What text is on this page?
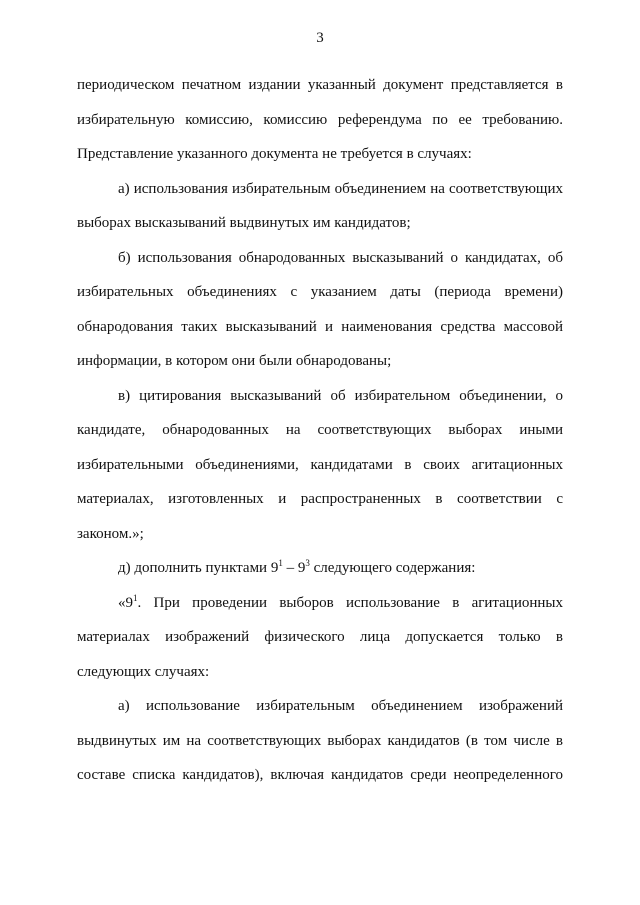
3

периодическом печатном издании указанный документ представляется в избирательную комиссию, комиссию референдума по ее требованию. Представление указанного документа не требуется в случаях:

а) использования избирательным объединением на соответствующих выборах высказываний выдвинутых им кандидатов;

б) использования обнародованных высказываний о кандидатах, об избирательных объединениях с указанием даты (периода времени) обнародования таких высказываний и наименования средства массовой информации, в котором они были обнародованы;

в) цитирования высказываний об избирательном объединении, о кандидате, обнародованных на соответствующих выборах иными избирательными объединениями, кандидатами в своих агитационных материалах, изготовленных и распространенных в соответствии с законом.»;

д) дополнить пунктами $9^1 - 9^3$ следующего содержания:

«$9^1$. При проведении выборов использование в агитационных материалах изображений физического лица допускается только в следующих случаях:

а) использование избирательным объединением изображений выдвинутых им на соответствующих выборах кандидатов (в том числе в составе списка кандидатов), включая кандидатов среди неопределенного
